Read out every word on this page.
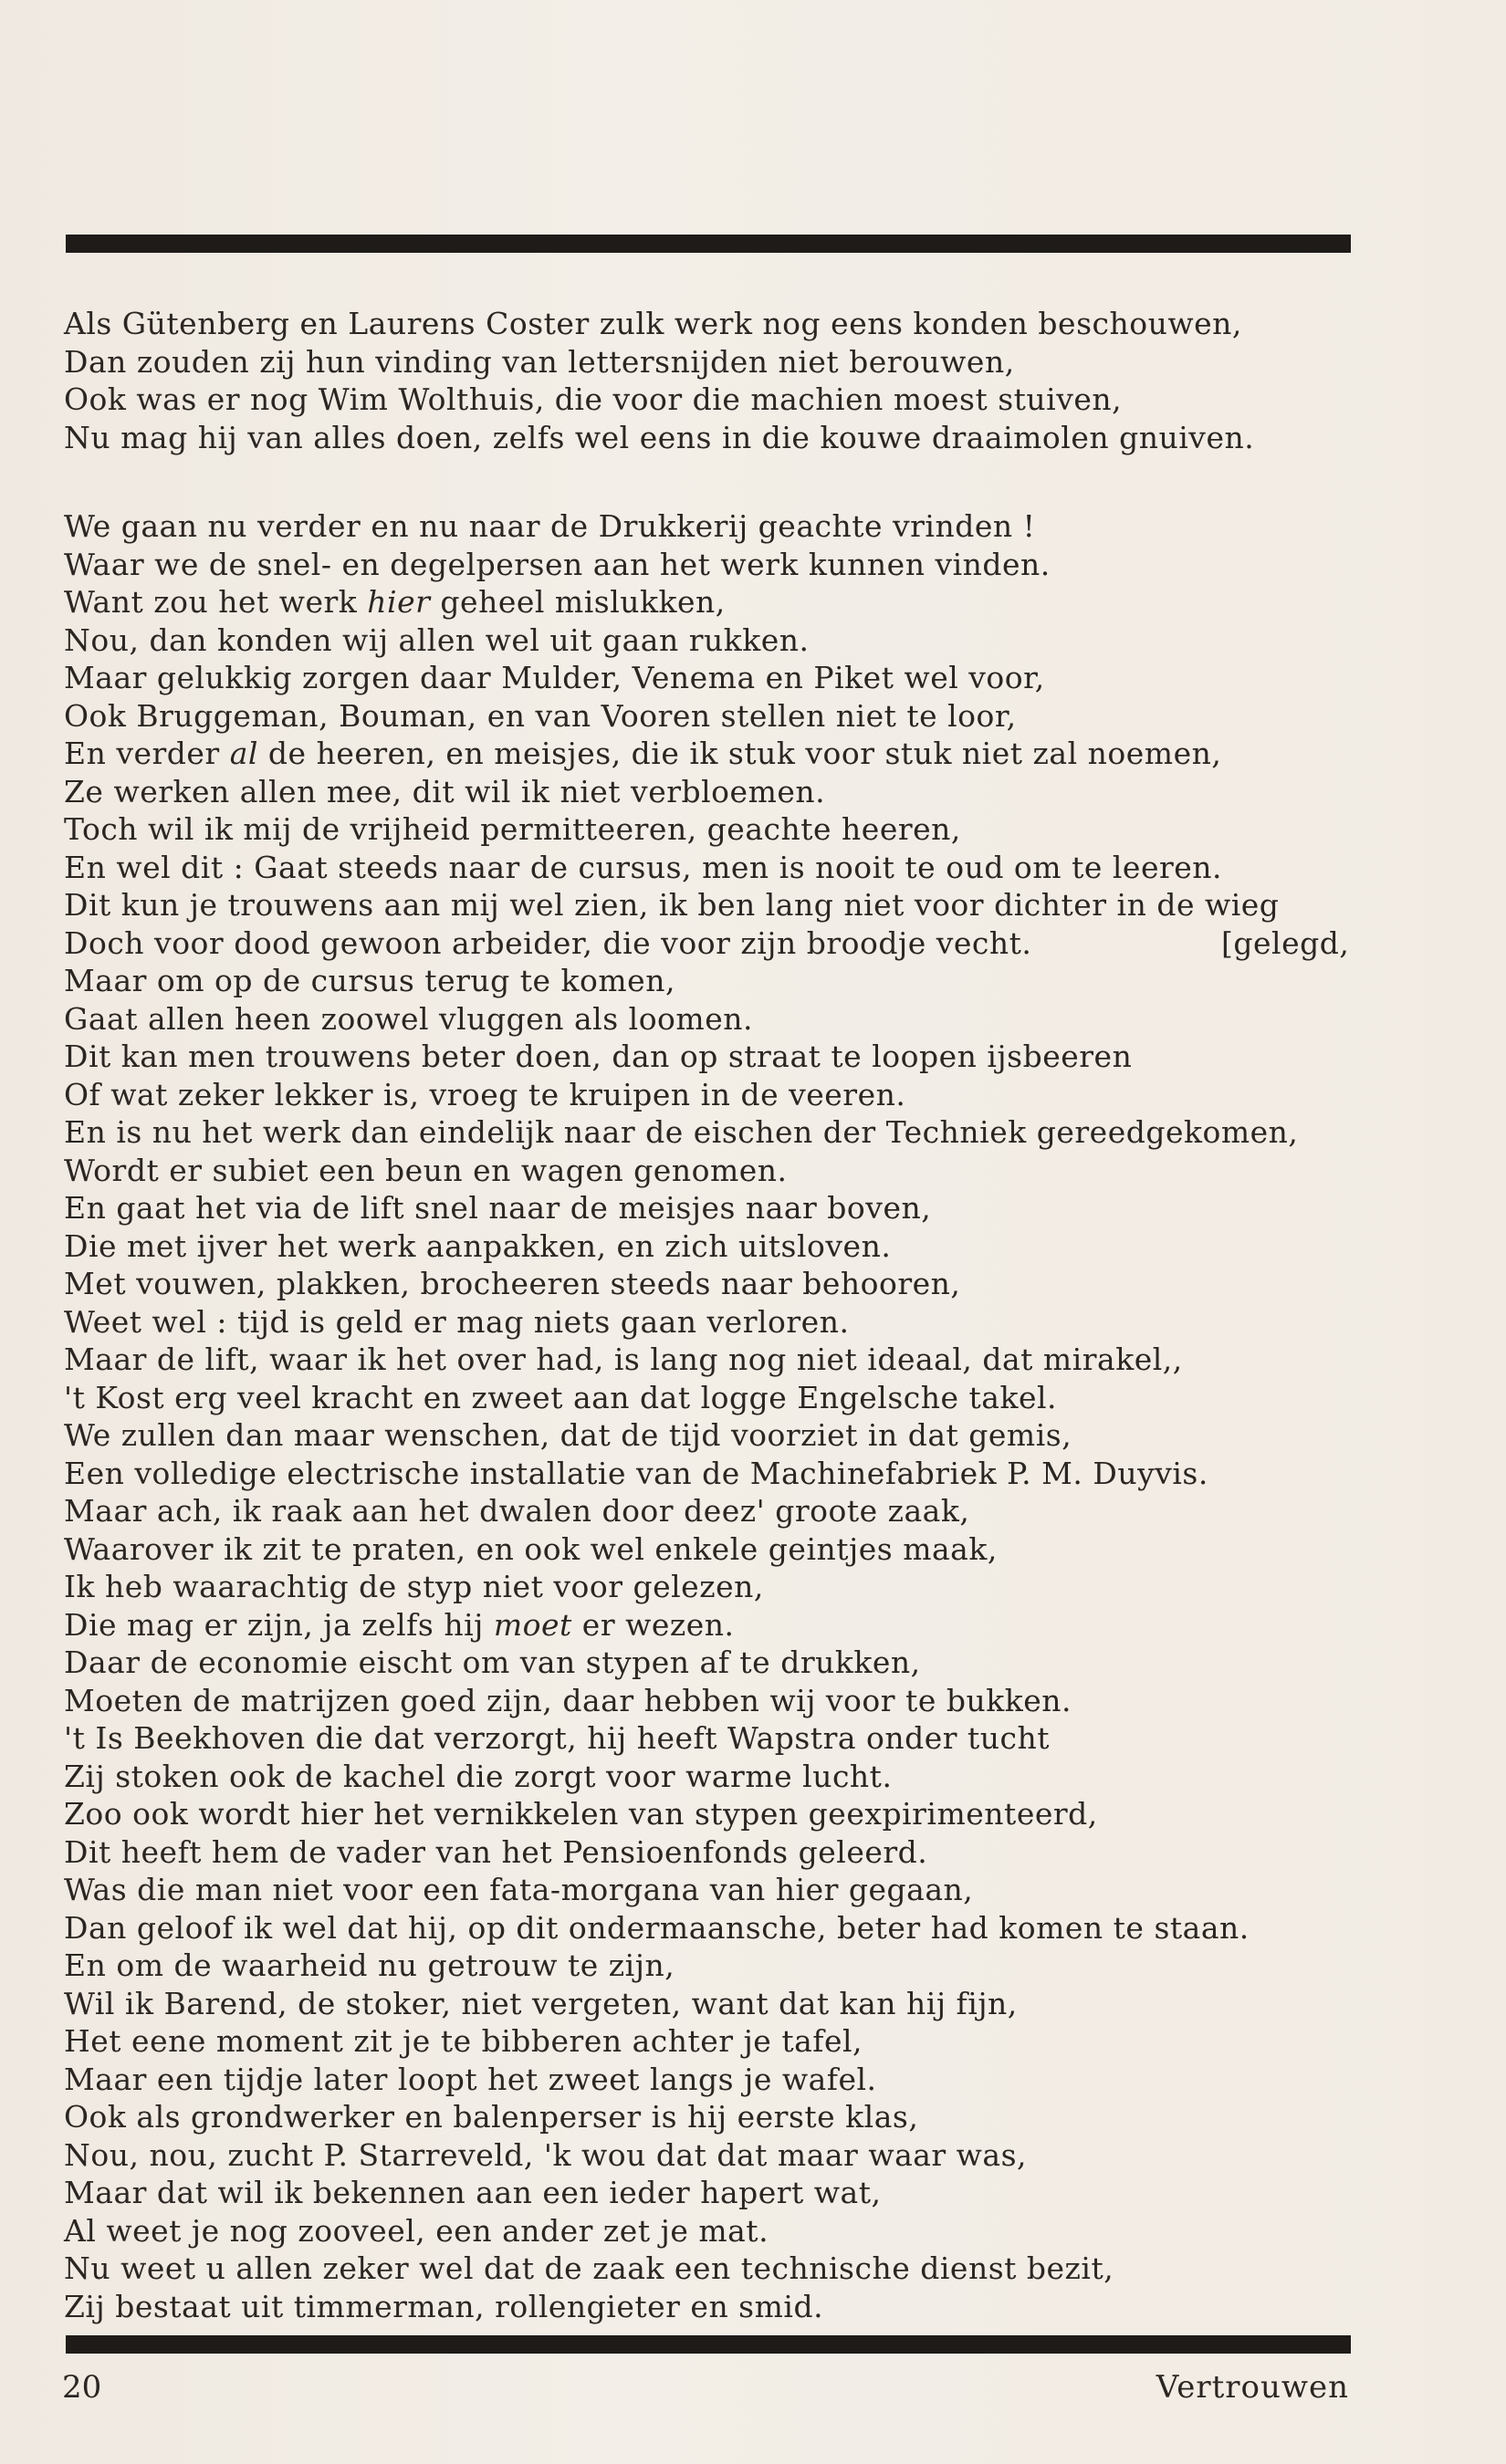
Als Gütenberg en Laurens Coster zulk werk nog eens konden beschouwen,
Dan zouden zij hun vinding van lettersnijden niet berouwen,
Ook was er nog Wim Wolthuis, die voor die machien moest stuiven,
Nu mag hij van alles doen, zelfs wel eens in die kouwe draaimolen gnuiven.
We gaan nu verder en nu naar de Drukkerij geachte vrinden !
Waar we de snel- en degelpersen aan het werk kunnen vinden.
Want zou het werk hier geheel mislukken,
Nou, dan konden wij allen wel uit gaan rukken.
Maar gelukkig zorgen daar Mulder, Venema en Piket wel voor,
Ook Bruggeman, Bouman, en van Vooren stellen niet te loor,
En verder al de heeren, en meisjes, die ik stuk voor stuk niet zal noemen,
Ze werken allen mee, dit wil ik niet verbloemen.
Toch wil ik mij de vrijheid permitteeren, geachte heeren,
En wel dit : Gaat steeds naar de cursus, men is nooit te oud om te leeren.
Dit kun je trouwens aan mij wel zien, ik ben lang niet voor dichter in de wieg
Doch voor dood gewoon arbeider, die voor zijn broodje vecht.	[gelegd,
Maar om op de cursus terug te komen,
Gaat allen heen zoowel vluggen als loomen.
Dit kan men trouwens beter doen, dan op straat te loopen ijsbeeren
Of wat zeker lekker is, vroeg te kruipen in de veeren.
En is nu het werk dan eindelijk naar de eischen der Techniek gereedgekomen,
Wordt er subiet een beun en wagen genomen.
En gaat het via de lift snel naar de meisjes naar boven,
Die met ijver het werk aanpakken, en zich uitsloven.
Met vouwen, plakken, brocheeren steeds naar behooren,
Weet wel : tijd is geld er mag niets gaan verloren.
Maar de lift, waar ik het over had, is lang nog niet ideaal, dat mirakel,,
't Kost erg veel kracht en zweet aan dat logge Engelsche takel.
We zullen dan maar wenschen, dat de tijd voorziet in dat gemis,
Een volledige electrische installatie van de Machinefabriek P. M. Duyvis.
Maar ach, ik raak aan het dwalen door deez' groote zaak,
Waarover ik zit te praten, en ook wel enkele geintjes maak,
Ik heb waarachtig de styp niet voor gelezen,
Die mag er zijn, ja zelfs hij moet er wezen.
Daar de economie eischt om van stypen af te drukken,
Moeten de matrijzen goed zijn, daar hebben wij voor te bukken.
't Is Beekhoven die dat verzorgt, hij heeft Wapstra onder tucht
Zij stoken ook de kachel die zorgt voor warme lucht.
Zoo ook wordt hier het vernikkelen van stypen geexpirimenteerd,
Dit heeft hem de vader van het Pensioenfonds geleerd.
Was die man niet voor een fata-morgana van hier gegaan,
Dan geloof ik wel dat hij, op dit ondermaansche, beter had komen te staan.
En om de waarheid nu getrouw te zijn,
Wil ik Barend, de stoker, niet vergeten, want dat kan hij fijn,
Het eene moment zit je te bibberen achter je tafel,
Maar een tijdje later loopt het zweet langs je wafel.
Ook als grondwerker en balenperser is hij eerste klas,
Nou, nou, zucht P. Starreveld, 'k wou dat dat maar waar was,
Maar dat wil ik bekennen aan een ieder hapert wat,
Al weet je nog zooveel, een ander zet je mat.
Nu weet u allen zeker wel dat de zaak een technische dienst bezit,
Zij bestaat uit timmerman, rollengieter en smid.
20	Vertrouwen
